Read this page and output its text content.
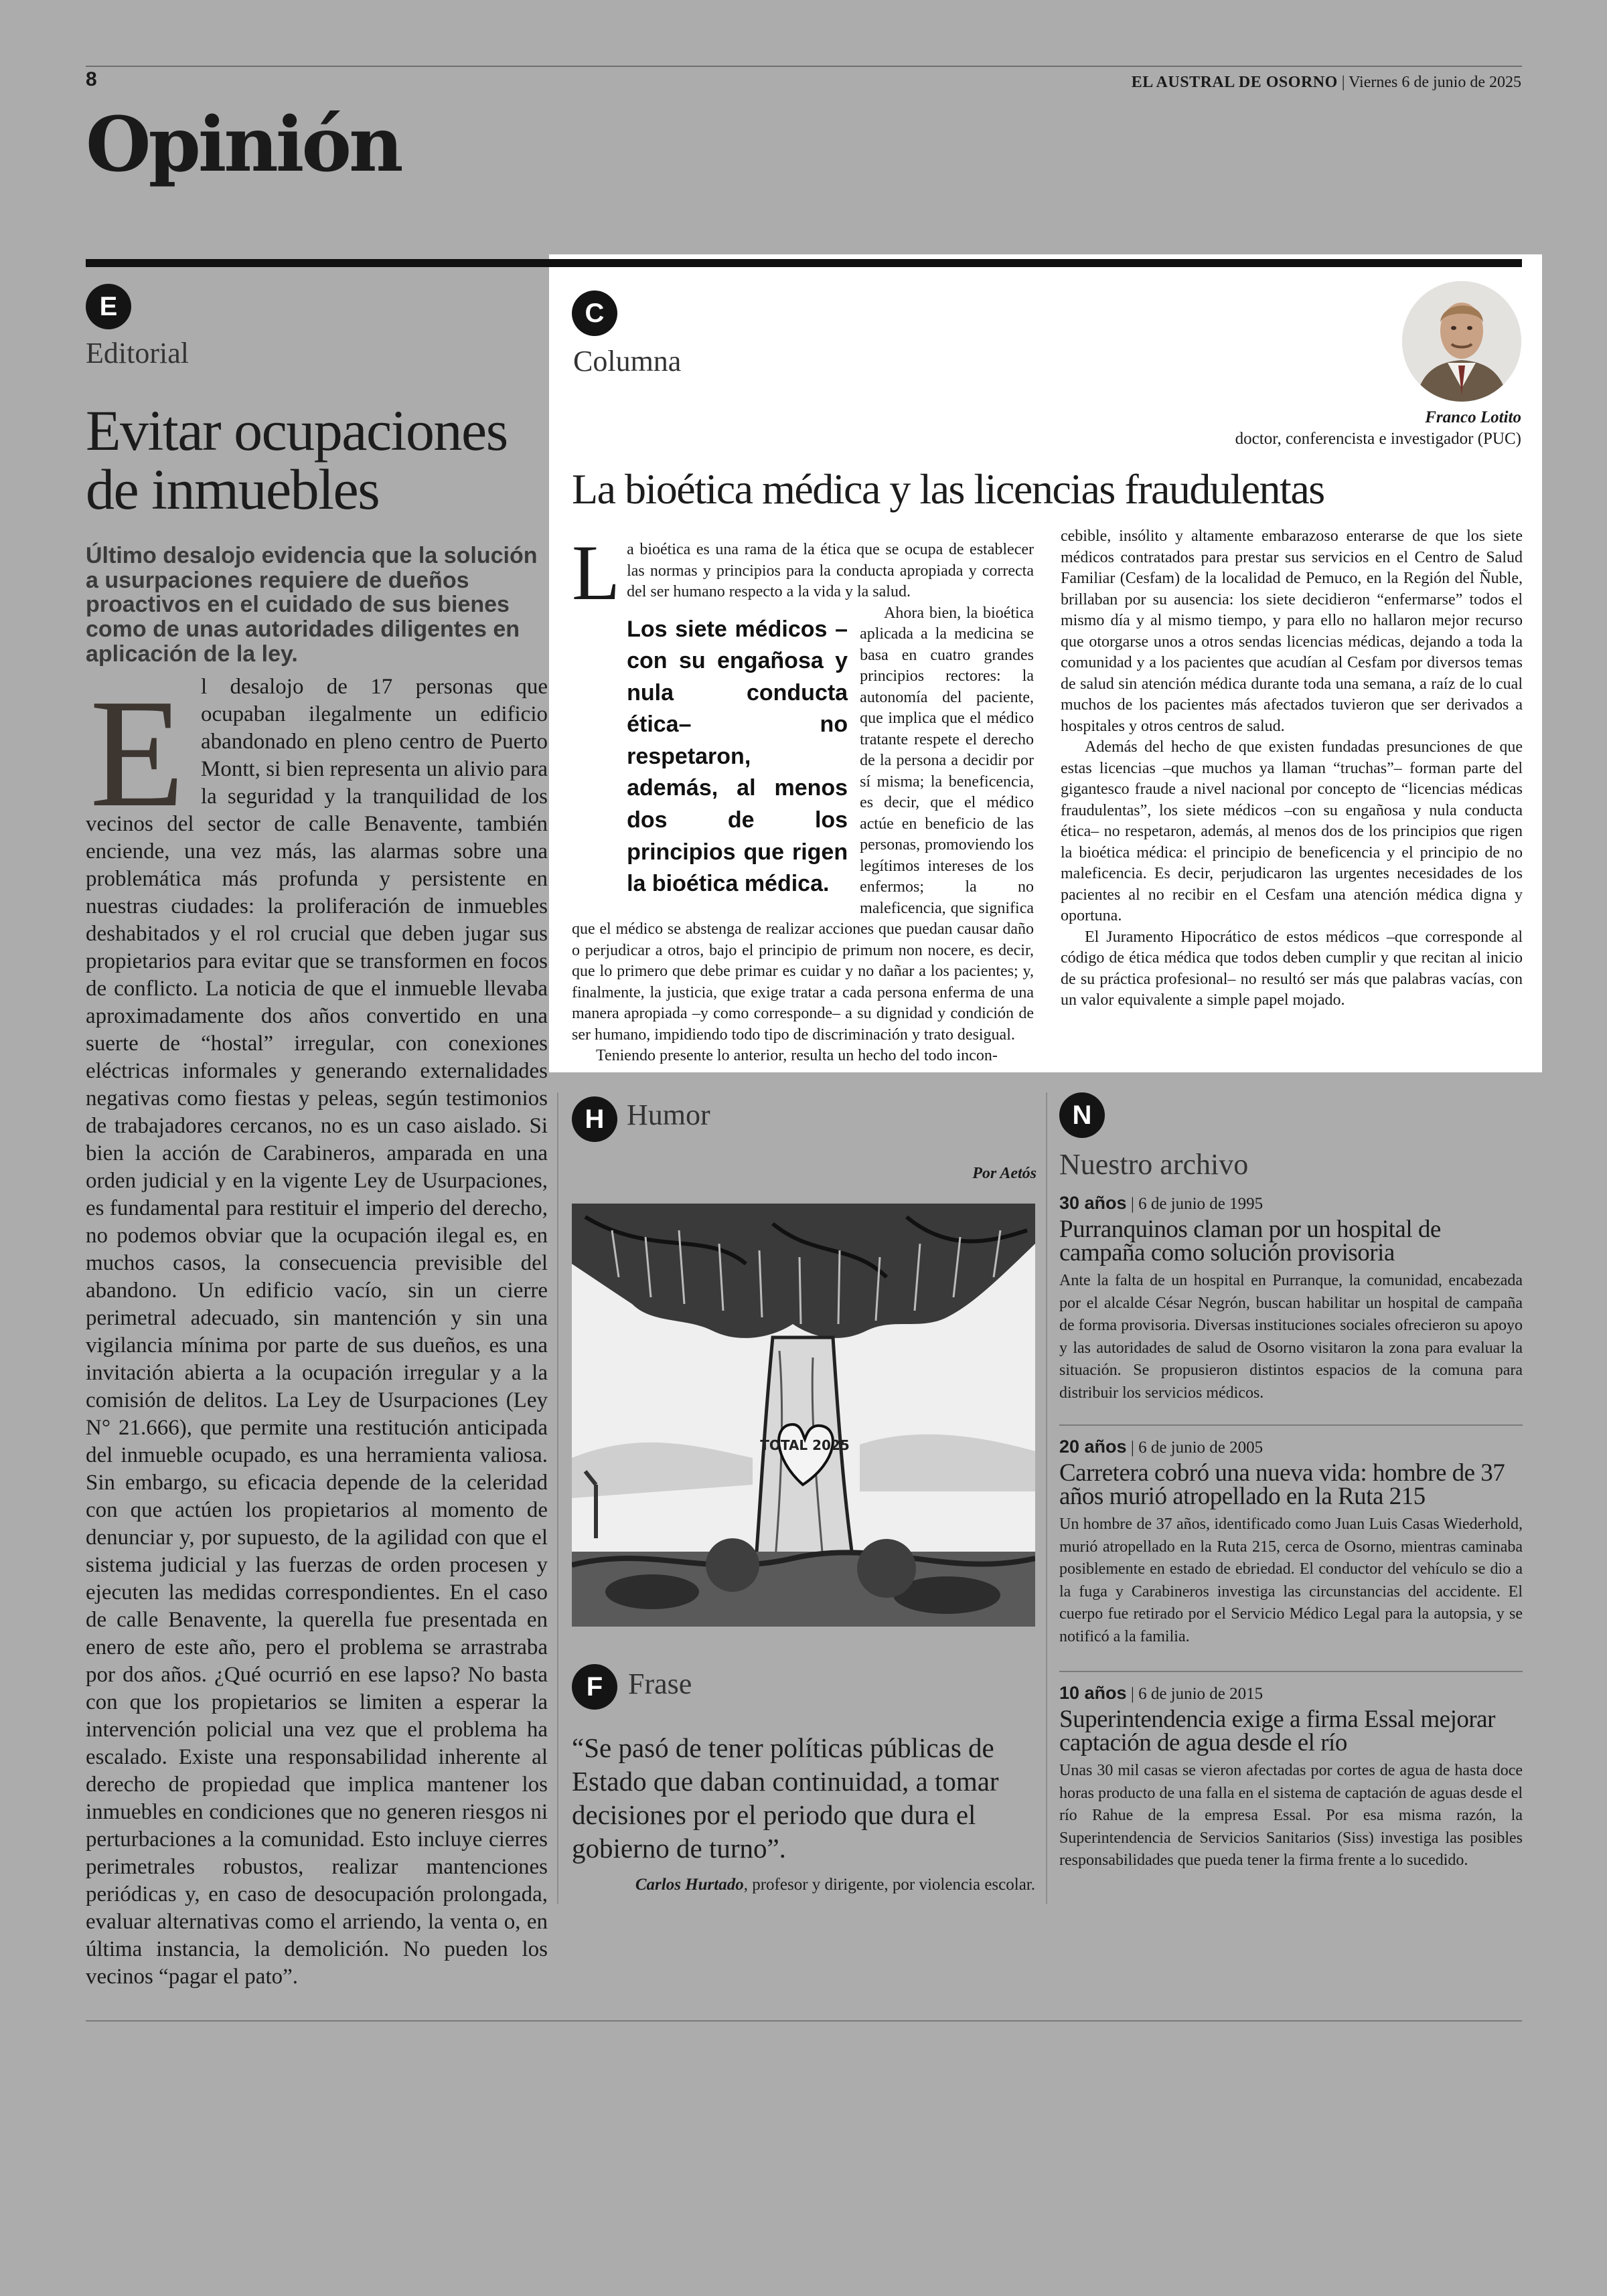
8	EL AUSTRAL DE OSORNO | Viernes 6 de junio de 2025
Opinión
E
Editorial
Evitar ocupaciones de inmuebles
Último desalojo evidencia que la solución a usurpaciones requiere de dueños proactivos en el cuidado de sus bienes como de unas autoridades diligentes en aplicación de la ley.
l desalojo de 17 personas que ocupaban ilegalmente un edificio abandonado en pleno centro de Puerto Montt, si bien representa un alivio para la seguridad y la tranquilidad de los vecinos del sector de calle Benavente, también enciende, una vez más, las alarmas sobre una problemática más profunda y persistente en nuestras ciudades: la proliferación de inmuebles deshabitados y el rol crucial que deben jugar sus propietarios para evitar que se transformen en focos de conflicto. La noticia de que el inmueble llevaba aproximadamente dos años convertido en una suerte de “hostal” irregular, con conexiones eléctricas informales y generando externalidades negativas como fiestas y peleas, según testimonios de trabajadores cercanos, no es un caso aislado. Si bien la acción de Carabineros, amparada en una orden judicial y en la vigente Ley de Usurpaciones, es fundamental para restituir el imperio del derecho, no podemos obviar que la ocupación ilegal es, en muchos casos, la consecuencia previsible del abandono. Un edificio vacío, sin un cierre perimetral adecuado, sin mantención y sin una vigilancia mínima por parte de sus dueños, es una invitación abierta a la ocupación irregular y a la comisión de delitos. La Ley de Usurpaciones (Ley N° 21.666), que permite una restitución anticipada del inmueble ocupado, es una herramienta valiosa. Sin embargo, su eficacia depende de la celeridad con que actúen los propietarios al momento de denunciar y, por supuesto, de la agilidad con que el sistema judicial y las fuerzas de orden procesen y ejecuten las medidas correspondientes. En el caso de calle Benavente, la querella fue presentada en enero de este año, pero el problema se arrastraba por dos años. ¿Qué ocurrió en ese lapso? No basta con que los propietarios se limiten a esperar la intervención policial una vez que el problema ha escalado. Existe una responsabilidad inherente al derecho de propiedad que implica mantener los inmuebles en condiciones que no generen riesgos ni perturbaciones a la comunidad. Esto incluye cierres perimetrales robustos, realizar mantenciones periódicas y, en caso de desocupación prolongada, evaluar alternativas como el arriendo, la venta o, en última instancia, la demolición. No pueden los vecinos “pagar el pato”.
E
C
Columna
Franco Lotito
doctor, conferencista e investigador (PUC)
La bioética médica y las licencias fraudulentas

La bioética es una rama de la ética que se ocupa de establecer las normas y principios para la conducta apropiada y correcta del ser humano respecto a la vida y la salud.

Los siete médicos –con su engañosa y nula conducta ética– no respetaron, además, al menos dos de los principios que rigen la bioética médica.
Ahora bien, la bioética aplicada a la medicina se basa en cuatro grandes principios rectores: la autonomía del paciente, que implica que el médico tratante respete el derecho de la persona a decidir por sí misma; la beneficencia, es decir, que el médico actúe en beneficio de las personas, promoviendo los legítimos intereses de los enfermos; la no maleficencia, que significa que el médico se abstenga de realizar acciones que puedan causar daño o perjudicar a otros, bajo el principio de primum non nocere, es decir, que lo primero que debe primar es cuidar y no dañar a los pacientes; y, finalmente, la justicia, que exige tratar a cada persona enferma de una manera apropiada –y como corresponde– a su dignidad y condición de ser humano, impidiendo todo tipo de discriminación y trato desigual.

Teniendo presente lo anterior, resulta un hecho del todo incon-

cebible, insólito y altamente embarazoso enterarse de que los siete médicos contratados para prestar sus servicios en el Centro de Salud Familiar (Cesfam) de la localidad de Pemuco, en la Región del Ñuble, brillaban por su ausencia: los siete decidieron “enfermarse” todos el mismo día y al mismo tiempo, y para ello no hallaron mejor recurso que otorgarse unos a otros sendas licencias médicas, dejando a toda la comunidad y a los pacientes que acudían al Cesfam por diversos temas de salud sin atención médica durante toda una semana, a raíz de lo cual muchos de los pacientes más afectados tuvieron que ser derivados a hospitales y otros centros de salud.

Además del hecho de que existen fundadas presunciones de que estas licencias –que muchos ya llaman “truchas”– forman parte del gigantesco fraude a nivel nacional por concepto de “licencias médicas fraudulentas”, los siete médicos –con su engañosa y nula conducta ética– no respetaron, además, al menos dos de los principios que rigen la bioética médica: el principio de beneficencia y el principio de no maleficencia. Es decir, perjudicaron las urgentes necesidades de los pacientes al no recibir en el Cesfam una atención médica digna y oportuna.

El Juramento Hipocrático de estos médicos –que corresponde al código de ética médica que todos deben cumplir y que recitan al inicio de su práctica profesional– no resultó ser más que palabras vacías, con un valor equivalente a simple papel mojado.

H Humor
Por Aetós
TOTAL 2025
F Frase
“Se pasó de tener políticas públicas de Estado que daban continuidad, a tomar decisiones por el periodo que dura el gobierno de turno”.
Carlos Hurtado, profesor y dirigente, por violencia escolar.
N
Nuestro archivo
30 años | 6 de junio de 1995
Purranquinos claman por un hospital de campaña como solución provisoria
Ante la falta de un hospital en Purranque, la comunidad, encabezada por el alcalde César Negrón, buscan habilitar un hospital de campaña de forma provisoria. Diversas instituciones sociales ofrecieron su apoyo y las autoridades de salud de Osorno visitaron la zona para evaluar la situación. Se propusieron distintos espacios de la comuna para distribuir los servicios médicos.
20 años | 6 de junio de 2005
Carretera cobró una nueva vida: hombre de 37 años murió atropellado en la Ruta 215
Un hombre de 37 años, identificado como Juan Luis Casas Wiederhold, murió atropellado en la Ruta 215, cerca de Osorno, mientras caminaba posiblemente en estado de ebriedad. El conductor del vehículo se dio a la fuga y Carabineros investiga las circunstancias del accidente. El cuerpo fue retirado por el Servicio Médico Legal para la autopsia, y se notificó a la familia.
10 años | 6 de junio de 2015
Superintendencia exige a firma Essal mejorar captación de agua desde el río
Unas 30 mil casas se vieron afectadas por cortes de agua de hasta doce horas producto de una falla en el sistema de captación de aguas desde el río Rahue de la empresa Essal. Por esa misma razón, la Superintendencia de Servicios Sanitarios (Siss) investiga las posibles responsabilidades que pueda tener la firma frente a lo sucedido.
